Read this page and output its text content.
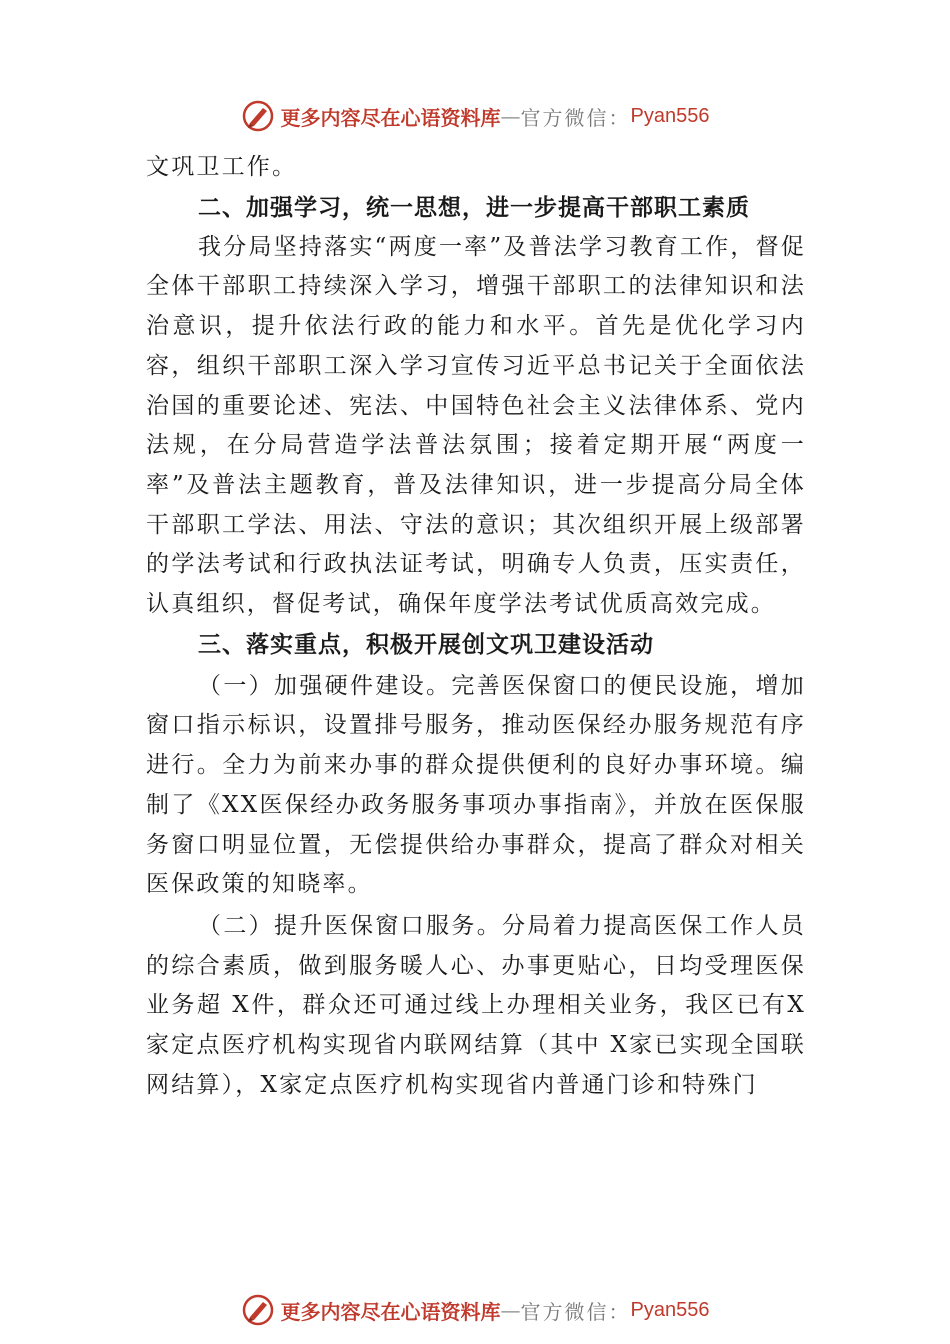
更多内容尽在心语资料库 — 官方微信： Pyan556

文巩卫工作。

二、加强学习，统一思想，进一步提高干部职工素质

我分局坚持落实“两度一率”及普法学习教育工作，督促全体干部职工持续深入学习，增强干部职工的法律知识和法治意识，提升依法行政的能力和水平。首先是优化学习内容，组织干部职工深入学习宣传习近平总书记关于全面依法治国的重要论述、宪法、中国特色社会主义法律体系、党内法规，在分局营造学法普法氛围；接着定期开展“两度一率”及普法主题教育，普及法律知识，进一步提高分局全体干部职工学法、用法、守法的意识；其次组织开展上级部署的学法考试和行政执法证考试，明确专人负责，压实责任，认真组织，督促考试，确保年度学法考试优质高效完成。

三、落实重点，积极开展创文巩卫建设活动

（一）加强硬件建设。完善医保窗口的便民设施，增加窗口指示标识，设置排号服务，推动医保经办服务规范有序进行。全力为前来办事的群众提供便利的良好办事环境。编制了《XX医保经办政务服务事项办事指南》，并放在医保服务窗口明显位置，无偿提供给办事群众，提高了群众对相关医保政策的知晓率。

（二）提升医保窗口服务。分局着力提高医保工作人员的综合素质，做到服务暖人心、办事更贴心，日均受理医保业务超 X件，群众还可通过线上办理相关业务，我区已有X家定点医疗机构实现省内联网结算（其中 X家已实现全国联网结算），X家定点医疗机构实现省内普通门诊和特殊门

更多内容尽在心语资料库 — 官方微信： Pyan556
